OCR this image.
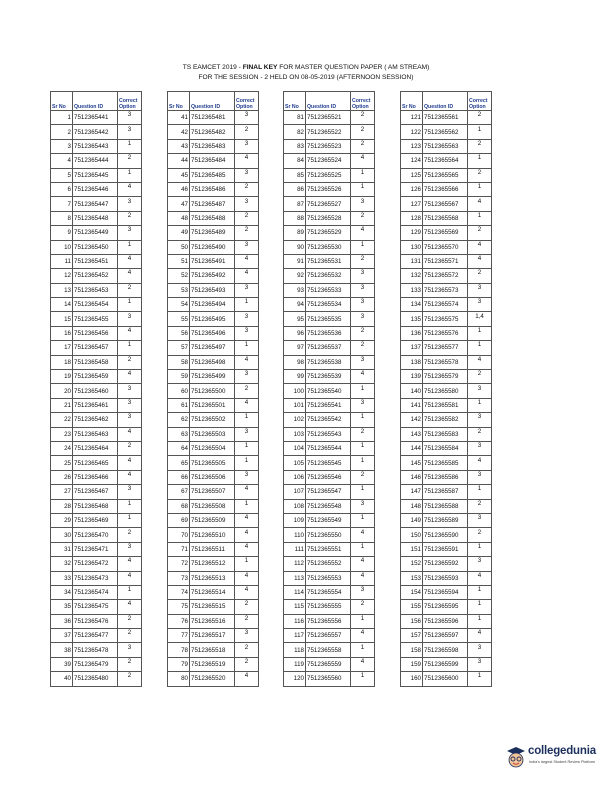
TS EAMCET 2019 - FINAL KEY FOR MASTER QUESTION PAPER ( AM STREAM)
FOR THE SESSION - 2 HELD ON 08-05-2019 (AFTERNOON SESSION)
Sr No	Question ID	Correct Option
1	7512365441	3
2	7512365442	3
3	7512365443	1
4	7512365444	2
5	7512365445	1
6	7512365446	4
7	7512365447	3
8	7512365448	2
9	7512365449	3
10	7512365450	1
11	7512365451	4
12	7512365452	4
13	7512365453	2
14	7512365454	1
15	7512365455	3
16	7512365456	4
17	7512365457	1
18	7512365458	2
19	7512365459	4
20	7512365460	3
21	7512365461	3
22	7512365462	3
23	7512365463	4
24	7512365464	2
25	7512365465	4
26	7512365466	4
27	7512365467	3
28	7512365468	1
29	7512365469	1
30	7512365470	2
31	7512365471	3
32	7512365472	4
33	7512365473	4
34	7512365474	1
35	7512365475	4
36	7512365476	2
37	7512365477	2
38	7512365478	3
39	7512365479	2
40	7512365480	2
Sr No	Question ID	Correct Option
41	7512365481	3
42	7512365482	2
43	7512365483	3
44	7512365484	4
45	7512365485	3
46	7512365486	2
47	7512365487	3
48	7512365488	2
49	7512365489	2
50	7512365490	3
51	7512365491	4
52	7512365492	4
53	7512365493	3
54	7512365494	1
55	7512365495	3
56	7512365496	3
57	7512365497	1
58	7512365498	4
59	7512365499	3
60	7512365500	2
61	7512365501	4
62	7512365502	1
63	7512365503	3
64	7512365504	1
65	7512365505	1
66	7512365506	3
67	7512365507	4
68	7512365508	1
69	7512365509	4
70	7512365510	4
71	7512365511	4
72	7512365512	1
73	7512365513	4
74	7512365514	4
75	7512365515	2
76	7512365516	2
77	7512365517	3
78	7512365518	2
79	7512365519	2
80	7512365520	4
Sr No	Question ID	Correct Option
81	7512365521	2
82	7512365522	2
83	7512365523	2
84	7512365524	4
85	7512365525	1
86	7512365526	1
87	7512365527	3
88	7512365528	2
89	7512365529	4
90	7512365530	1
91	7512365531	2
92	7512365532	3
93	7512365533	3
94	7512365534	3
95	7512365535	3
96	7512365536	2
97	7512365537	2
98	7512365538	3
99	7512365539	4
100	7512365540	1
101	7512365541	3
102	7512365542	1
103	7512365543	2
104	7512365544	1
105	7512365545	1
106	7512365546	2
107	7512365547	1
108	7512365548	3
109	7512365549	1
110	7512365550	4
111	7512365551	1
112	7512365552	4
113	7512365553	4
114	7512365554	3
115	7512365555	2
116	7512365556	1
117	7512365557	4
118	7512365558	1
119	7512365559	4
120	7512365560	1
Sr No	Question ID	Correct Option
121	7512365561	2
122	7512365562	1
123	7512365563	2
124	7512365564	1
125	7512365565	2
126	7512365566	1
127	7512365567	4
128	7512365568	1
129	7512365569	2
130	7512365570	4
131	7512365571	4
132	7512365572	2
133	7512365573	3
134	7512365574	3
135	7512365575	1,4
136	7512365576	1
137	7512365577	1
138	7512365578	4
139	7512365579	2
140	7512365580	3
141	7512365581	1
142	7512365582	3
143	7512365583	2
144	7512365584	3
145	7512365585	4
146	7512365586	3
147	7512365587	1
148	7512365588	2
149	7512365589	3
150	7512365590	2
151	7512365591	1
152	7512365592	3
153	7512365593	4
154	7512365594	1
155	7512365595	1
156	7512365596	1
157	7512365597	4
158	7512365598	3
159	7512365599	3
160	7512365600	1
collegedunia
India's largest Student Review Platform
